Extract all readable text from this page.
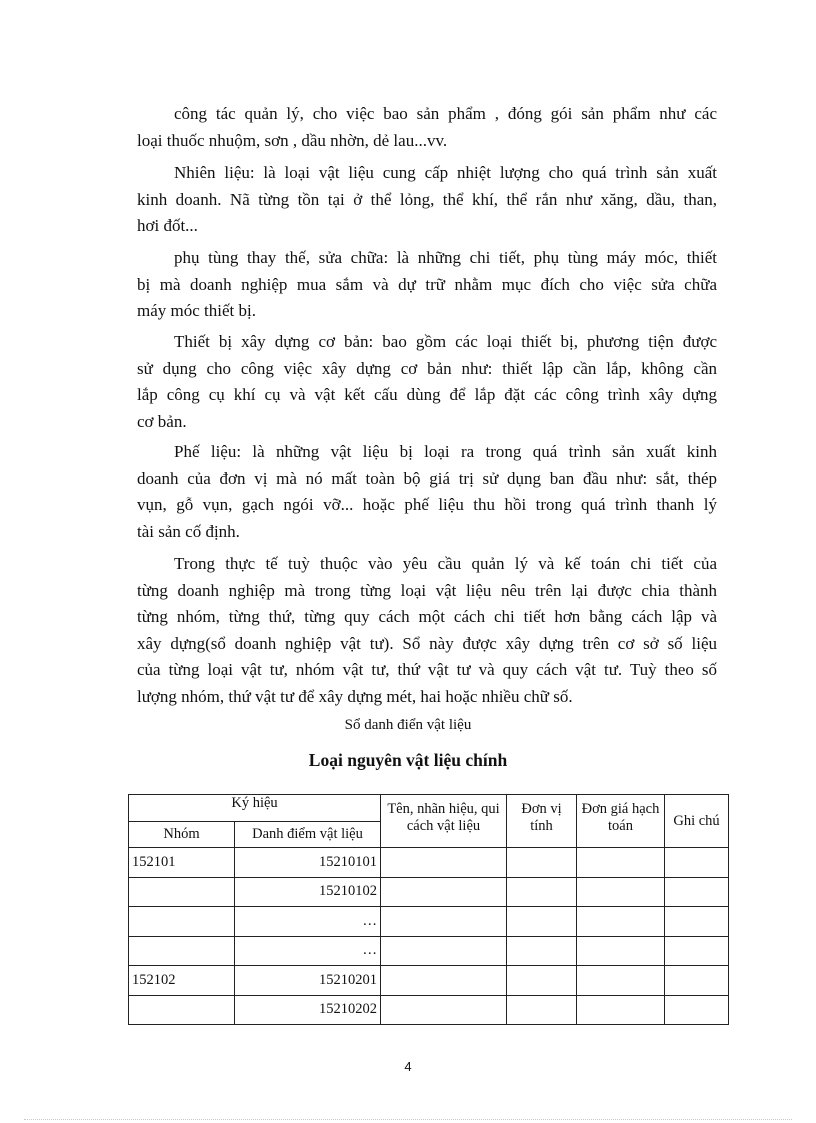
công tác quản lý, cho việc bao sản phẩm , đóng gói sản phẩm như các
loại thuốc nhuộm, sơn , dầu nhờn, dẻ lau...vv.
Nhiên liệu: là loại vật liệu cung cấp nhiệt lượng cho quá trình sản xuất
kinh doanh. Nã từng tồn tại ở thể lỏng, thể khí, thể rắn như xăng, dầu, than,
hơi đốt...
phụ tùng thay thế, sửa chữa: là những chi tiết, phụ tùng máy móc, thiết
bị mà doanh nghiệp mua sắm và dự trữ nhằm mục đích cho việc sửa chữa
máy móc thiết bị.
Thiết bị xây dựng cơ bản: bao gồm các loại thiết bị, phương tiện được
sử dụng cho công việc xây dựng cơ bản như: thiết lập cần lắp, không cần
lắp công cụ khí cụ và vật kết cấu dùng để lắp đặt các công trình xây dựng
cơ bản.
Phế liệu: là những vật liệu bị loại ra trong quá trình sản xuất kinh
doanh của đơn vị mà nó mất toàn bộ giá trị sử dụng ban đầu như: sắt, thép
vụn, gỗ vụn, gạch ngói vỡ... hoặc phế liệu thu hồi trong quá trình thanh lý
tài sản cố định.
Trong thực tế tuỳ thuộc vào yêu cầu quản lý và kế toán chi tiết của
từng doanh nghiệp mà trong từng loại vật liệu nêu trên lại được chia thành
từng nhóm, từng thứ, từng quy cách một cách chi tiết hơn bằng cách lập và
xây dựng(sổ doanh nghiệp vật tư). Sổ này được xây dựng trên cơ sở số liệu
của từng loại vật tư, nhóm vật tư, thứ vật tư và quy cách vật tư. Tuỳ theo số
lượng nhóm, thứ vật tư để xây dựng mét, hai hoặc nhiều chữ số.
Sổ danh điển vật liệu
Loại nguyên vật liệu chính
Ký hiệu		Tên, nhãn hiệu, qui cách vật liệu	Đơn vị tính	Đơn giá hạch toán	Ghi chú
Nhóm	Danh điểm vật liệu				
152101	15210101				
	15210102				
	…				
	…				
152102	15210201				
	15210202				
4
